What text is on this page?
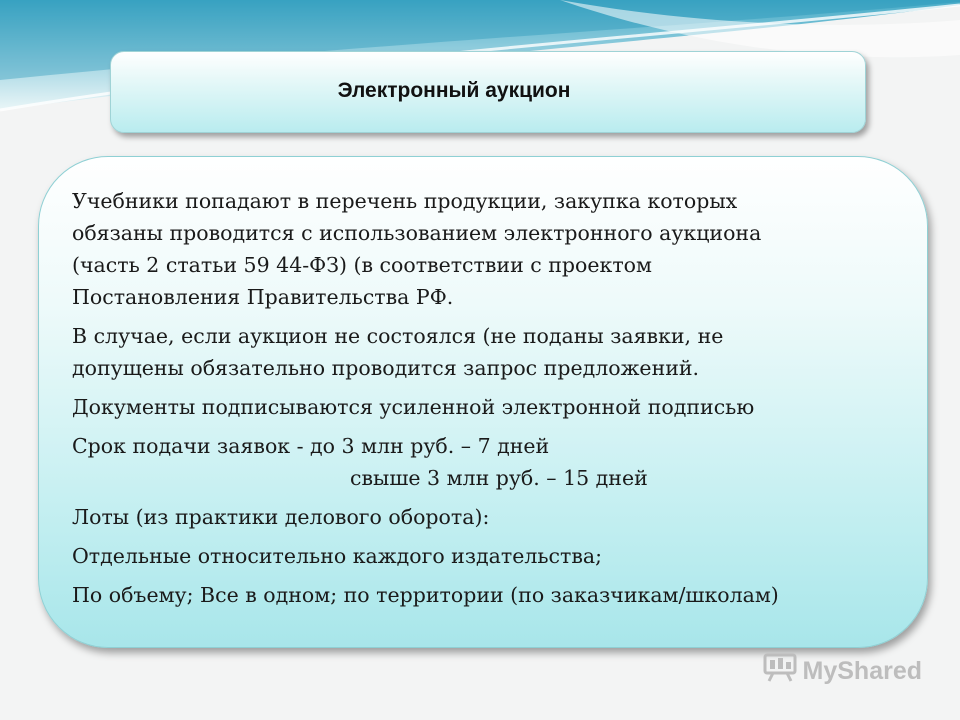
Электронный аукцион

Учебники попадают в перечень продукции, закупка которых
обязаны проводится с использованием электронного аукциона
(часть 2 статьи 59 44-ФЗ) (в соответствии с проектом
Постановления Правительства РФ.

В случае, если аукцион не состоялся (не поданы заявки, не
допущены обязательно проводится запрос предложений.

Документы подписываются усиленной электронной подписью

Срок подачи заявок - до 3 млн руб. – 7 дней

свыше 3 млн руб. – 15 дней

Лоты (из практики делового оборота):

Отдельные относительно каждого издательства;

По объему; Все в одном; по территории (по заказчикам/школам)

MyShared
